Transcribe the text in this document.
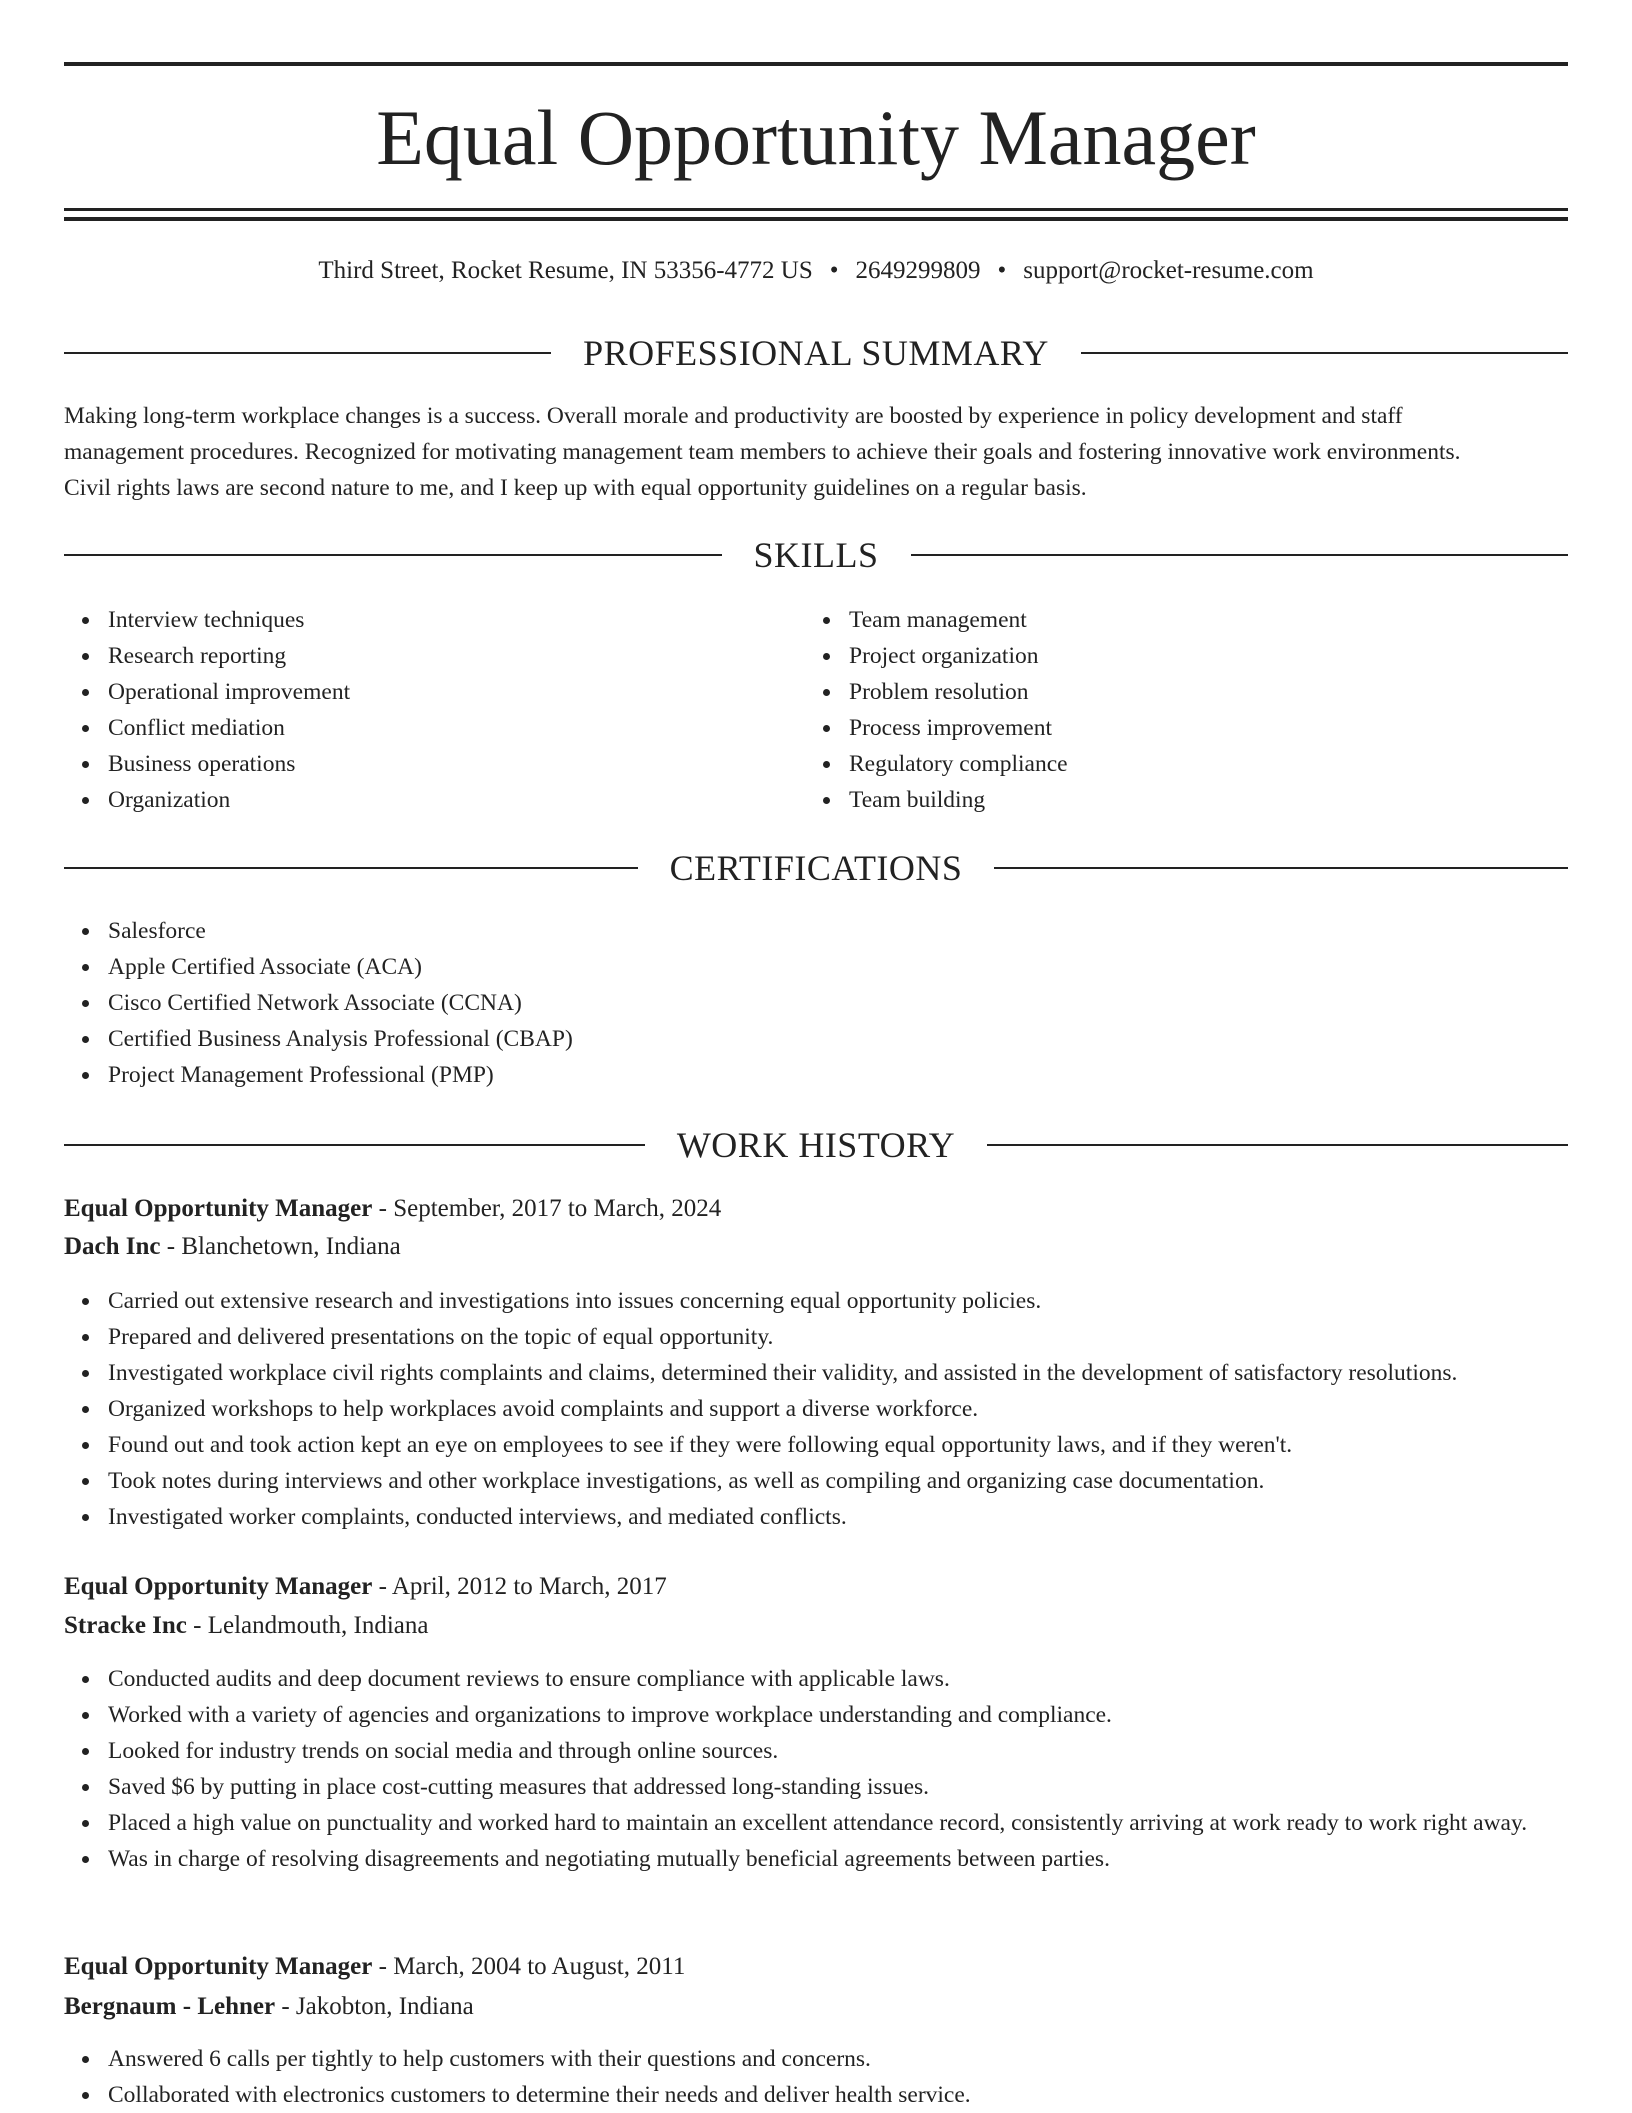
Equal Opportunity Manager
Third Street, Rocket Resume, IN 53356-4772 US • 2649299809 • support@rocket-resume.com
PROFESSIONAL SUMMARY
Making long-term workplace changes is a success. Overall morale and productivity are boosted by experience in policy development and staff
management procedures. Recognized for motivating management team members to achieve their goals and fostering innovative work environments.
Civil rights laws are second nature to me, and I keep up with equal opportunity guidelines on a regular basis.
SKILLS
Interview techniques
Research reporting
Operational improvement
Conflict mediation
Business operations
Organization
Team management
Project organization
Problem resolution
Process improvement
Regulatory compliance
Team building
CERTIFICATIONS
Salesforce
Apple Certified Associate (ACA)
Cisco Certified Network Associate (CCNA)
Certified Business Analysis Professional (CBAP)
Project Management Professional (PMP)
WORK HISTORY
Equal Opportunity Manager - September, 2017 to March, 2024
Dach Inc - Blanchetown, Indiana
Carried out extensive research and investigations into issues concerning equal opportunity policies.
Prepared and delivered presentations on the topic of equal opportunity.
Investigated workplace civil rights complaints and claims, determined their validity, and assisted in the development of satisfactory resolutions.
Organized workshops to help workplaces avoid complaints and support a diverse workforce.
Found out and took action kept an eye on employees to see if they were following equal opportunity laws, and if they weren't.
Took notes during interviews and other workplace investigations, as well as compiling and organizing case documentation.
Investigated worker complaints, conducted interviews, and mediated conflicts.
Equal Opportunity Manager - April, 2012 to March, 2017
Stracke Inc - Lelandmouth, Indiana
Conducted audits and deep document reviews to ensure compliance with applicable laws.
Worked with a variety of agencies and organizations to improve workplace understanding and compliance.
Looked for industry trends on social media and through online sources.
Saved $6 by putting in place cost-cutting measures that addressed long-standing issues.
Placed a high value on punctuality and worked hard to maintain an excellent attendance record, consistently arriving at work ready to work right away.
Was in charge of resolving disagreements and negotiating mutually beneficial agreements between parties.
Equal Opportunity Manager - March, 2004 to August, 2011
Bergnaum - Lehner - Jakobton, Indiana
Answered 6 calls per tightly to help customers with their questions and concerns.
Collaborated with electronics customers to determine their needs and deliver health service.
